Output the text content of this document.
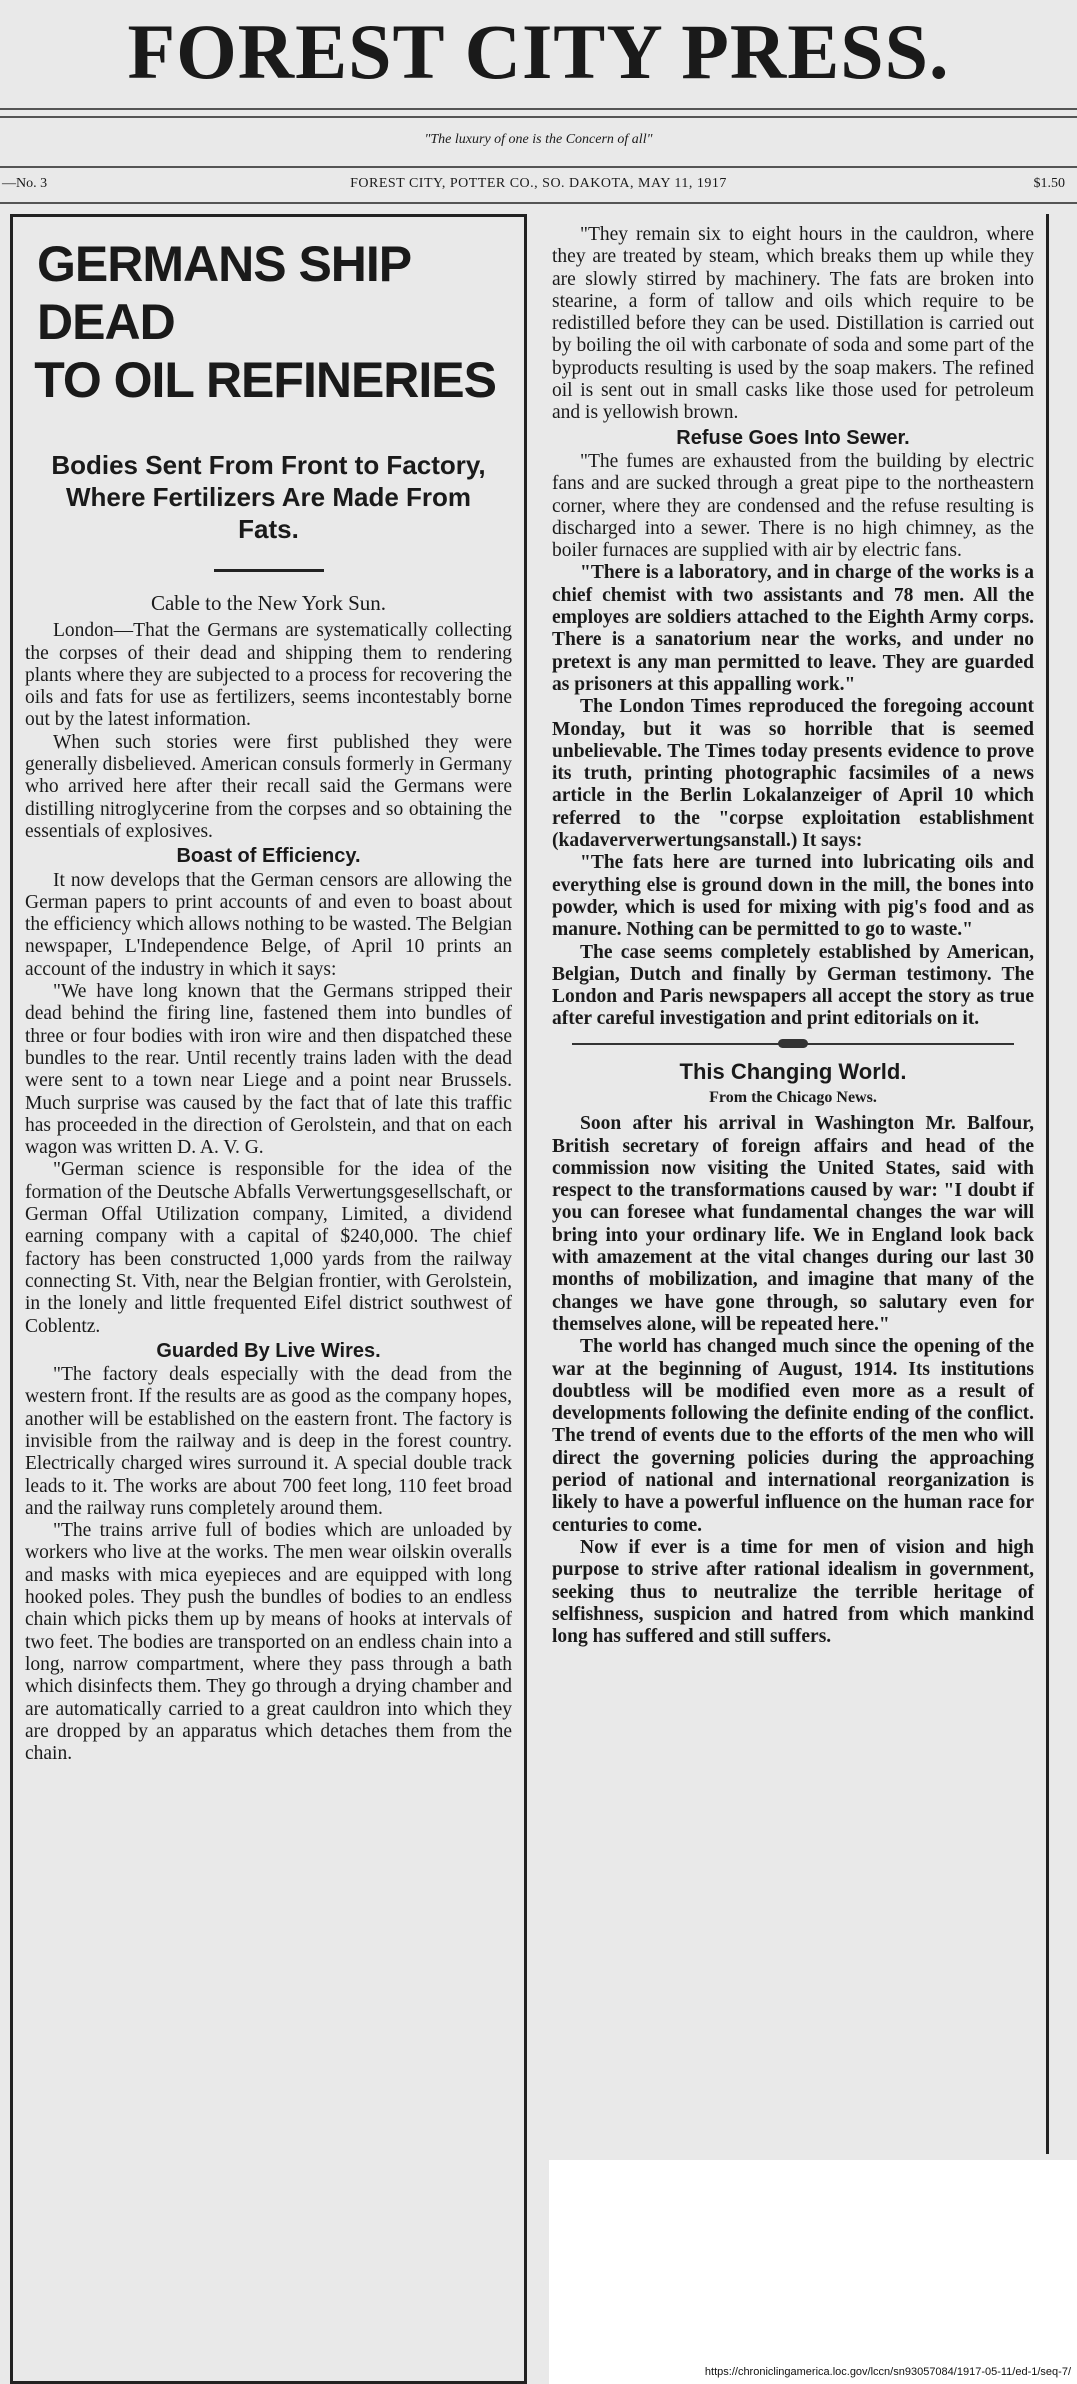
FOREST CITY PRESS.
"The luxury of one is the Concern of all"
—No. 3	FOREST CITY, POTTER CO., SO. DAKOTA, MAY 11, 1917	$1.50
GERMANS SHIP DEAD
TO OIL REFINERIES
Bodies Sent From Front to Factory, Where Fertilizers Are Made From Fats.
Cable to the New York Sun.

London—That the Germans are systematically collecting the corpses of their dead and shipping them to rendering plants where they are subjected to a process for recovering the oils and fats for use as fertilizers, seems incontestably borne out by the latest information.

When such stories were first published they were generally disbelieved. American consuls formerly in Germany who arrived here after their recall said the Germans were distilling nitroglycerine from the corpses and so obtaining the essentials of explosives.

Boast of Efficiency.

It now develops that the German censors are allowing the German papers to print accounts of and even to boast about the efficiency which allows nothing to be wasted. The Belgian newspaper, L'Independence Belge, of April 10 prints an account of the industry in which it says:

"We have long known that the Germans stripped their dead behind the firing line, fastened them into bundles of three or four bodies with iron wire and then dispatched these bundles to the rear. Until recently trains laden with the dead were sent to a town near Liege and a point near Brussels. Much surprise was caused by the fact that of late this traffic has proceeded in the direction of Gerolstein, and that on each wagon was written D. A. V. G.

"German science is responsible for the idea of the formation of the Deutsche Abfalls Verwertungsgesellschaft, or German Offal Utilization company, Limited, a dividend earning company with a capital of $240,000. The chief factory has been constructed 1,000 yards from the railway connecting St. Vith, near the Belgian frontier, with Gerolstein, in the lonely and little frequented Eifel district southwest of Coblentz.

Guarded By Live Wires.

"The factory deals especially with the dead from the western front. If the results are as good as the company hopes, another will be established on the eastern front. The factory is invisible from the railway and is deep in the forest country. Electrically charged wires surround it. A special double track leads to it. The works are about 700 feet long, 110 feet broad and the railway runs completely around them.

"The trains arrive full of bodies which are unloaded by workers who live at the works. The men wear oilskin overalls and masks with mica eyepieces and are equipped with long hooked poles. They push the bundles of bodies to an endless chain which picks them up by means of hooks at intervals of two feet. The bodies are transported on an endless chain into a long, narrow compartment, where they pass through a bath which disinfects them. They go through a drying chamber and are automatically carried to a great cauldron into which they are dropped by an apparatus which detaches them from the chain.

"They remain six to eight hours in the cauldron, where they are treated by steam, which breaks them up while they are slowly stirred by machinery. The fats are broken into stearine, a form of tallow and oils which require to be redistilled before they can be used. Distillation is carried out by boiling the oil with carbonate of soda and some part of the byproducts resulting is used by the soap makers. The refined oil is sent out in small casks like those used for petroleum and is yellowish brown.

Refuse Goes Into Sewer.

"The fumes are exhausted from the building by electric fans and are sucked through a great pipe to the northeastern corner, where they are condensed and the refuse resulting is discharged into a sewer. There is no high chimney, as the boiler furnaces are supplied with air by electric fans.

"There is a laboratory, and in charge of the works is a chief chemist with two assistants and 78 men. All the employes are soldiers attached to the Eighth Army corps. There is a sanatorium near the works, and under no pretext is any man permitted to leave. They are guarded as prisoners at this appalling work."

The London Times reproduced the foregoing account Monday, but it was so horrible that is seemed unbelievable. The Times today presents evidence to prove its truth, printing photographic facsimiles of a news article in the Berlin Lokalanzeiger of April 10 which referred to the "corpse exploitation establishment (kadaververwertungsanstall.) It says:

"The fats here are turned into lubricating oils and everything else is ground down in the mill, the bones into powder, which is used for mixing with pig's food and as manure. Nothing can be permitted to go to waste."

The case seems completely established by American, Belgian, Dutch and finally by German testimony. The London and Paris newspapers all accept the story as true after careful investigation and print editorials on it.

This Changing World.
From the Chicago News.

Soon after his arrival in Washington Mr. Balfour, British secretary of foreign affairs and head of the commission now visiting the United States, said with respect to the transformations caused by war: "I doubt if you can foresee what fundamental changes the war will bring into your ordinary life. We in England look back with amazement at the vital changes during our last 30 months of mobilization, and imagine that many of the changes we have gone through, so salutary even for themselves alone, will be repeated here."

The world has changed much since the opening of the war at the beginning of August, 1914. Its institutions doubtless will be modified even more as a result of developments following the definite ending of the conflict. The trend of events due to the efforts of the men who will direct the governing policies during the approaching period of national and international reorganization is likely to have a powerful influence on the human race for centuries to come.

Now if ever is a time for men of vision and high purpose to strive after rational idealism in government, seeking thus to neutralize the terrible heritage of selfishness, suspicion and hatred from which mankind long has suffered and still suffers.

https://chroniclingamerica.loc.gov/lccn/sn93057084/1917-05-11/ed-1/seq-7/
